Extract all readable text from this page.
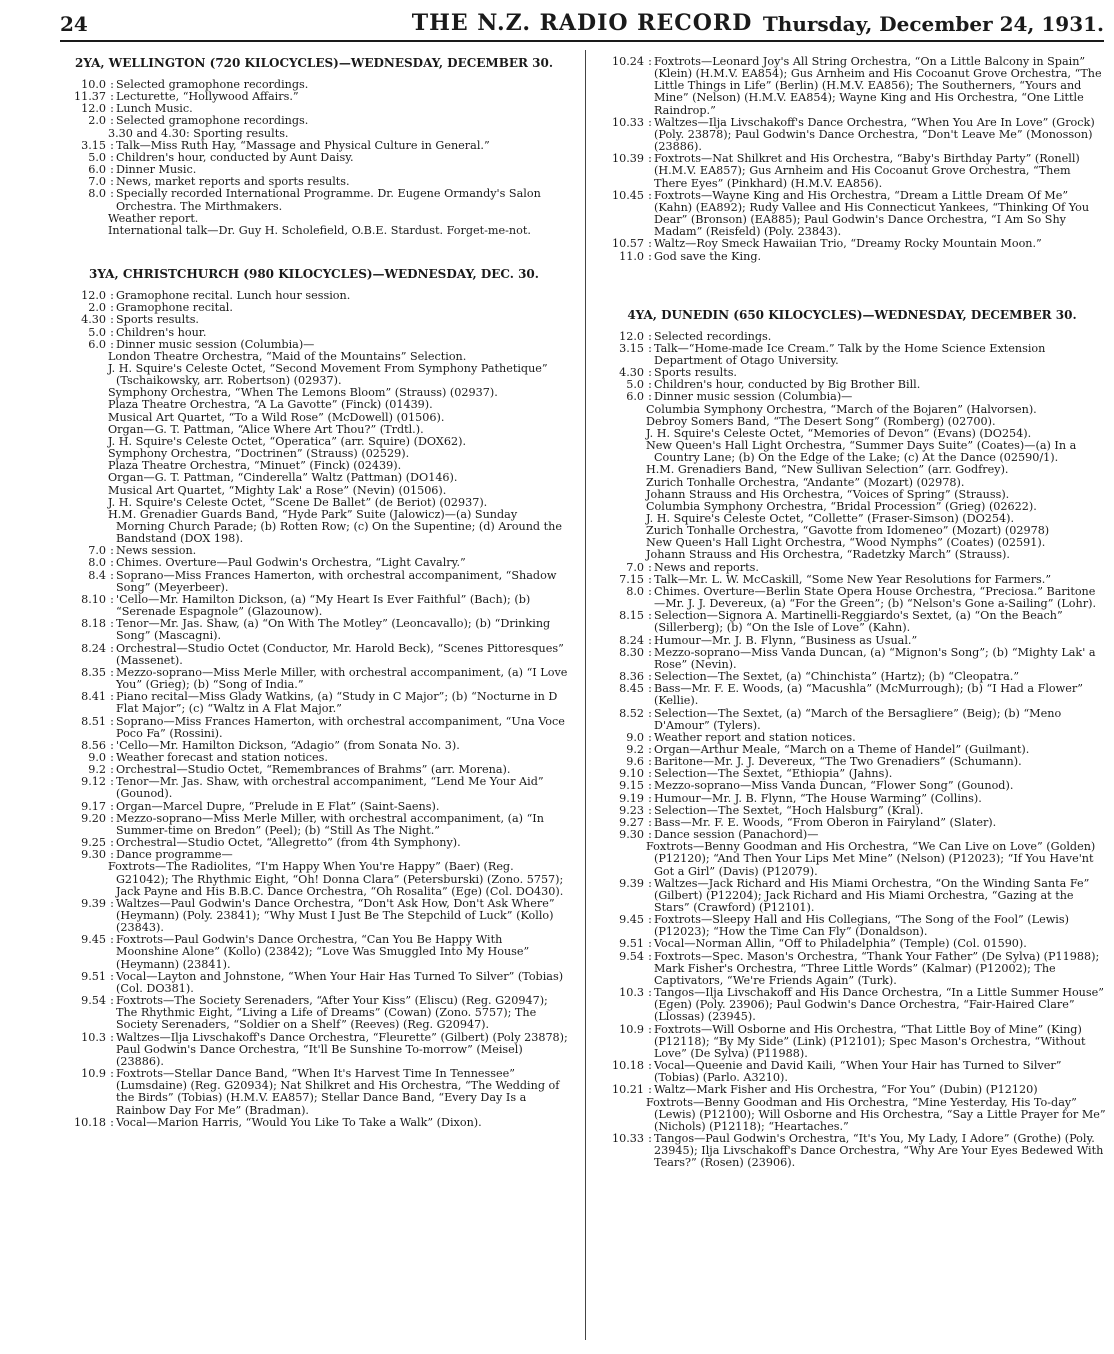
24	THE N.Z. RADIO RECORD Thursday, December 24, 1931.
2YA, WELLINGTON (720 KILOCYCLES)—WEDNESDAY, DECEMBER 30.
10.0 : Selected gramophone recordings.
11.37 : Lecturette, “Hollywood Affairs.”
12.0 : Lunch Music.
2.0 : Selected gramophone recordings.
3.30 and 4.30: Sporting results.
3.15 : Talk—Miss Ruth Hay, “Massage and Physical Culture in General.”
5.0 : Children's hour, conducted by Aunt Daisy.
6.0 : Dinner Music.
7.0 : News, market reports and sports results.
8.0 : Specially recorded International Programme. Dr. Eugene Ormandy's Salon Orchestra. The Mirthmakers.
Weather report.
International talk—Dr. Guy H. Scholefield, O.B.E. Stardust. Forget-me-not.
3YA, CHRISTCHURCH (980 KILOCYCLES)—WEDNESDAY, DEC. 30.
12.0 : Gramophone recital. Lunch hour session.
2.0 : Gramophone recital.
4.30 : Sports results.
5.0 : Children's hour.
6.0 : Dinner music session (Columbia)—
London Theatre Orchestra, “Maid of the Mountains” Selection.
J. H. Squire's Celeste Octet, “Second Movement From Symphony Pathetique” (Tschaikowsky, arr. Robertson) (02937).
Symphony Orchestra, “When The Lemons Bloom” (Strauss) (02937).
Plaza Theatre Orchestra, “A La Gavotte” (Finck) (01439).
Musical Art Quartet, “To a Wild Rose” (McDowell) (01506).
Organ—G. T. Pattman, “Alice Where Art Thou?” (Trdtl.).
J. H. Squire's Celeste Octet, “Operatica” (arr. Squire) (DOX62).
Symphony Orchestra, “Doctrinen” (Strauss) (02529).
Plaza Theatre Orchestra, “Minuet” (Finck) (02439).
Organ—G. T. Pattman, “Cinderella” Waltz (Pattman) (DO146).
Musical Art Quartet, “Mighty Lak' a Rose” (Nevin) (01506).
J. H. Squire's Celeste Octet, “Scene De Ballet” (de Beriot) (02937).
H.M. Grenadier Guards Band, “Hyde Park” Suite (Jalowicz)—(a) Sunday Morning Church Parade; (b) Rotten Row; (c) On the Supentine; (d) Around the Bandstand (DOX 198).
7.0 : News session.
8.0 : Chimes. Overture—Paul Godwin's Orchestra, “Light Cavalry.”
8.4 : Soprano—Miss Frances Hamerton, with orchestral accompaniment, “Shadow Song” (Meyerbeer).
8.10 : 'Cello—Mr. Hamilton Dickson, (a) “My Heart Is Ever Faithful” (Bach); (b) “Serenade Espagnole” (Glazounow).
8.18 : Tenor—Mr. Jas. Shaw, (a) “On With The Motley” (Leoncavallo); (b) “Drinking Song” (Mascagni).
8.24 : Orchestral—Studio Octet (Conductor, Mr. Harold Beck), “Scenes Pittoresques” (Massenet).
8.35 : Mezzo-soprano—Miss Merle Miller, with orchestral accompaniment, (a) “I Love You” (Grieg); (b) “Song of India.”
8.41 : Piano recital—Miss Glady Watkins, (a) “Study in C Major”; (b) “Nocturne in D Flat Major”; (c) “Waltz in A Flat Major.”
8.51 : Soprano—Miss Frances Hamerton, with orchestral accompaniment, “Una Voce Poco Fa” (Rossini).
8.56 : 'Cello—Mr. Hamilton Dickson, “Adagio” (from Sonata No. 3).
9.0 : Weather forecast and station notices.
9.2 : Orchestral—Studio Octet, “Remembrances of Brahms” (arr. Morena).
9.12 : Tenor—Mr. Jas. Shaw, with orchestral accompaniment, “Lend Me Your Aid” (Gounod).
9.17 : Organ—Marcel Dupre, “Prelude in E Flat” (Saint-Saens).
9.20 : Mezzo-soprano—Miss Merle Miller, with orchestral accompaniment, (a) “In Summer-time on Bredon” (Peel); (b) “Still As The Night.”
9.25 : Orchestral—Studio Octet, “Allegretto” (from 4th Symphony).
9.30 : Dance programme—
Foxtrots—The Radiolites, “I'm Happy When You're Happy” (Baer) (Reg. G21042); The Rhythmic Eight, “Oh! Donna Clara” (Petersburski) (Zono. 5757); Jack Payne and His B.B.C. Dance Orchestra, “Oh Rosalita” (Ege) (Col. DO430).
9.39 : Waltzes—Paul Godwin's Dance Orchestra, “Don't Ask How, Don't Ask Where” (Heymann) (Poly. 23841); “Why Must I Just Be The Stepchild of Luck” (Kollo) (23843).
9.45 : Foxtrots—Paul Godwin's Dance Orchestra, “Can You Be Happy With Moonshine Alone” (Kollo) (23842); “Love Was Smuggled Into My House” (Heymann) (23841).
9.51 : Vocal—Layton and Johnstone, “When Your Hair Has Turned To Silver” (Tobias) (Col. DO381).
9.54 : Foxtrots—The Society Serenaders, “After Your Kiss” (Eliscu) (Reg. G20947); The Rhythmic Eight, “Living a Life of Dreams” (Cowan) (Zono. 5757); The Society Serenaders, “Soldier on a Shelf” (Reeves) (Reg. G20947).
10.3 : Waltzes—Ilja Livschakoff's Dance Orchestra, “Fleurette” (Gilbert) (Poly 23878); Paul Godwin's Dance Orchestra, “It'll Be Sunshine To-morrow” (Meisel) (23886).
10.9 : Foxtrots—Stellar Dance Band, “When It's Harvest Time In Tennessee” (Lumsdaine) (Reg. G20934); Nat Shilkret and His Orchestra, “The Wedding of the Birds” (Tobias) (H.M.V. EA857); Stellar Dance Band, “Every Day Is a Rainbow Day For Me” (Bradman).
10.18 : Vocal—Marion Harris, “Would You Like To Take a Walk” (Dixon).
10.24 : Foxtrots—Leonard Joy's All String Orchestra, “On a Little Balcony in Spain” (Klein) (H.M.V. EA854); Gus Arnheim and His Cocoanut Grove Orchestra, “The Little Things in Life” (Berlin) (H.M.V. EA856); The Southerners, “Yours and Mine” (Nelson) (H.M.V. EA854); Wayne King and His Orchestra, “One Little Raindrop.”
10.33 : Waltzes—Ilja Livschakoff's Dance Orchestra, “When You Are In Love” (Grock) (Poly. 23878); Paul Godwin's Dance Orchestra, “Don't Leave Me” (Monosson) (23886).
10.39 : Foxtrots—Nat Shilkret and His Orchestra, “Baby's Birthday Party” (Ronell) (H.M.V. EA857); Gus Arnheim and His Cocoanut Grove Orchestra, “Them There Eyes” (Pinkhard) (H.M.V. EA856).
10.45 : Foxtrots—Wayne King and His Orchestra, “Dream a Little Dream Of Me” (Kahn) (EA892); Rudy Vallee and His Connecticut Yankees, “Thinking Of You Dear” (Bronson) (EA885); Paul Godwin's Dance Orchestra, “I Am So Shy Madam” (Reisfeld) (Poly. 23843).
10.57 : Waltz—Roy Smeck Hawaiian Trio, “Dreamy Rocky Mountain Moon.”
11.0 : God save the King.
4YA, DUNEDIN (650 KILOCYCLES)—WEDNESDAY, DECEMBER 30.
12.0 : Selected recordings.
3.15 : Talk—“Home-made Ice Cream.” Talk by the Home Science Extension Department of Otago University.
4.30 : Sports results.
5.0 : Children's hour, conducted by Big Brother Bill.
6.0 : Dinner music session (Columbia)—
Columbia Symphony Orchestra, “March of the Bojaren” (Halvorsen).
Debroy Somers Band, “The Desert Song” (Romberg) (02700).
J. H. Squire's Celeste Octet, “Memories of Devon” (Evans) (DO254).
New Queen's Hall Light Orchestra, “Summer Days Suite” (Coates)—(a) In a Country Lane; (b) On the Edge of the Lake; (c) At the Dance (02590/1).
H.M. Grenadiers Band, “New Sullivan Selection” (arr. Godfrey).
Zurich Tonhalle Orchestra, “Andante” (Mozart) (02978).
Johann Strauss and His Orchestra, “Voices of Spring” (Strauss).
Columbia Symphony Orchestra, “Bridal Procession” (Grieg) (02622).
J. H. Squire's Celeste Octet, “Collette” (Fraser-Simson) (DO254).
Zurich Tonhalle Orchestra, “Gavotte from Idomeneo” (Mozart) (02978)
New Queen's Hall Light Orchestra, “Wood Nymphs” (Coates) (02591).
Johann Strauss and His Orchestra, “Radetzky March” (Strauss).
7.0 : News and reports.
7.15 : Talk—Mr. L. W. McCaskill, “Some New Year Resolutions for Farmers.”
8.0 : Chimes. Overture—Berlin State Opera House Orchestra, “Preciosa.” Baritone—Mr. J. J. Devereux, (a) “For the Green”; (b) “Nelson's Gone a-Sailing” (Lohr).
8.15 : Selection—Signora A. Martinelli-Reggiardo's Sextet, (a) “On the Beach” (Sillerberg); (b) “On the Isle of Love” (Kahn).
8.24 : Humour—Mr. J. B. Flynn, “Business as Usual.”
8.30 : Mezzo-soprano—Miss Vanda Duncan, (a) “Mignon's Song”; (b) “Mighty Lak' a Rose” (Nevin).
8.36 : Selection—The Sextet, (a) “Chinchista” (Hartz); (b) “Cleopatra.”
8.45 : Bass—Mr. F. E. Woods, (a) “Macushla” (McMurrough); (b) “I Had a Flower” (Kellie).
8.52 : Selection—The Sextet, (a) “March of the Bersagliere” (Beig); (b) “Meno D'Amour” (Tylers).
9.0 : Weather report and station notices.
9.2 : Organ—Arthur Meale, “March on a Theme of Handel” (Guilmant).
9.6 : Baritone—Mr. J. J. Devereux, “The Two Grenadiers” (Schumann).
9.10 : Selection—The Sextet, “Ethiopia” (Jahns).
9.15 : Mezzo-soprano—Miss Vanda Duncan, “Flower Song” (Gounod).
9.19 : Humour—Mr. J. B. Flynn, “The House Warming” (Collins).
9.23 : Selection—The Sextet, “Hoch Halsburg” (Kral).
9.27 : Bass—Mr. F. E. Woods, “From Oberon in Fairyland” (Slater).
9.30 : Dance session (Panachord)—
Foxtrots—Benny Goodman and His Orchestra, “We Can Live on Love” (Golden) (P12120); “And Then Your Lips Met Mine” (Nelson) (P12023); “If You Have'nt Got a Girl” (Davis) (P12079).
9.39 : Waltzes—Jack Richard and His Miami Orchestra, “On the Winding Santa Fe” (Gilbert) (P12204); Jack Richard and His Miami Orchestra, “Gazing at the Stars” (Crawford) (P12101).
9.45 : Foxtrots—Sleepy Hall and His Collegians, “The Song of the Fool” (Lewis) (P12023); “How the Time Can Fly” (Donaldson).
9.51 : Vocal—Norman Allin, “Off to Philadelphia” (Temple) (Col. 01590).
9.54 : Foxtrots—Spec. Mason's Orchestra, “Thank Your Father” (De Sylva) (P11988); Mark Fisher's Orchestra, “Three Little Words” (Kalmar) (P12002); The Captivators, “We're Friends Again” (Turk).
10.3 : Tangos—Ilja Livschakoff and His Dance Orchestra, “In a Little Summer House” (Egen) (Poly. 23906); Paul Godwin's Dance Orchestra, “Fair-Haired Clare” (Llossas) (23945).
10.9 : Foxtrots—Will Osborne and His Orchestra, “That Little Boy of Mine” (King) (P12118); “By My Side” (Link) (P12101); Spec Mason's Orchestra, “Without Love” (De Sylva) (P11988).
10.18 : Vocal—Queenie and David Kaili, “When Your Hair has Turned to Silver” (Tobias) (Parlo. A3210).
10.21 : Waltz—Mark Fisher and His Orchestra, “For You” (Dubin) (P12120)
Foxtrots—Benny Goodman and His Orchestra, “Mine Yesterday, His To-day” (Lewis) (P12100); Will Osborne and His Orchestra, “Say a Little Prayer for Me” (Nichols) (P12118); “Heartaches.”
10.33 : Tangos—Paul Godwin's Orchestra, “It's You, My Lady, I Adore” (Grothe) (Poly. 23945); Ilja Livschakoff's Dance Orchestra, “Why Are Your Eyes Bedewed With Tears?” (Rosen) (23906).
